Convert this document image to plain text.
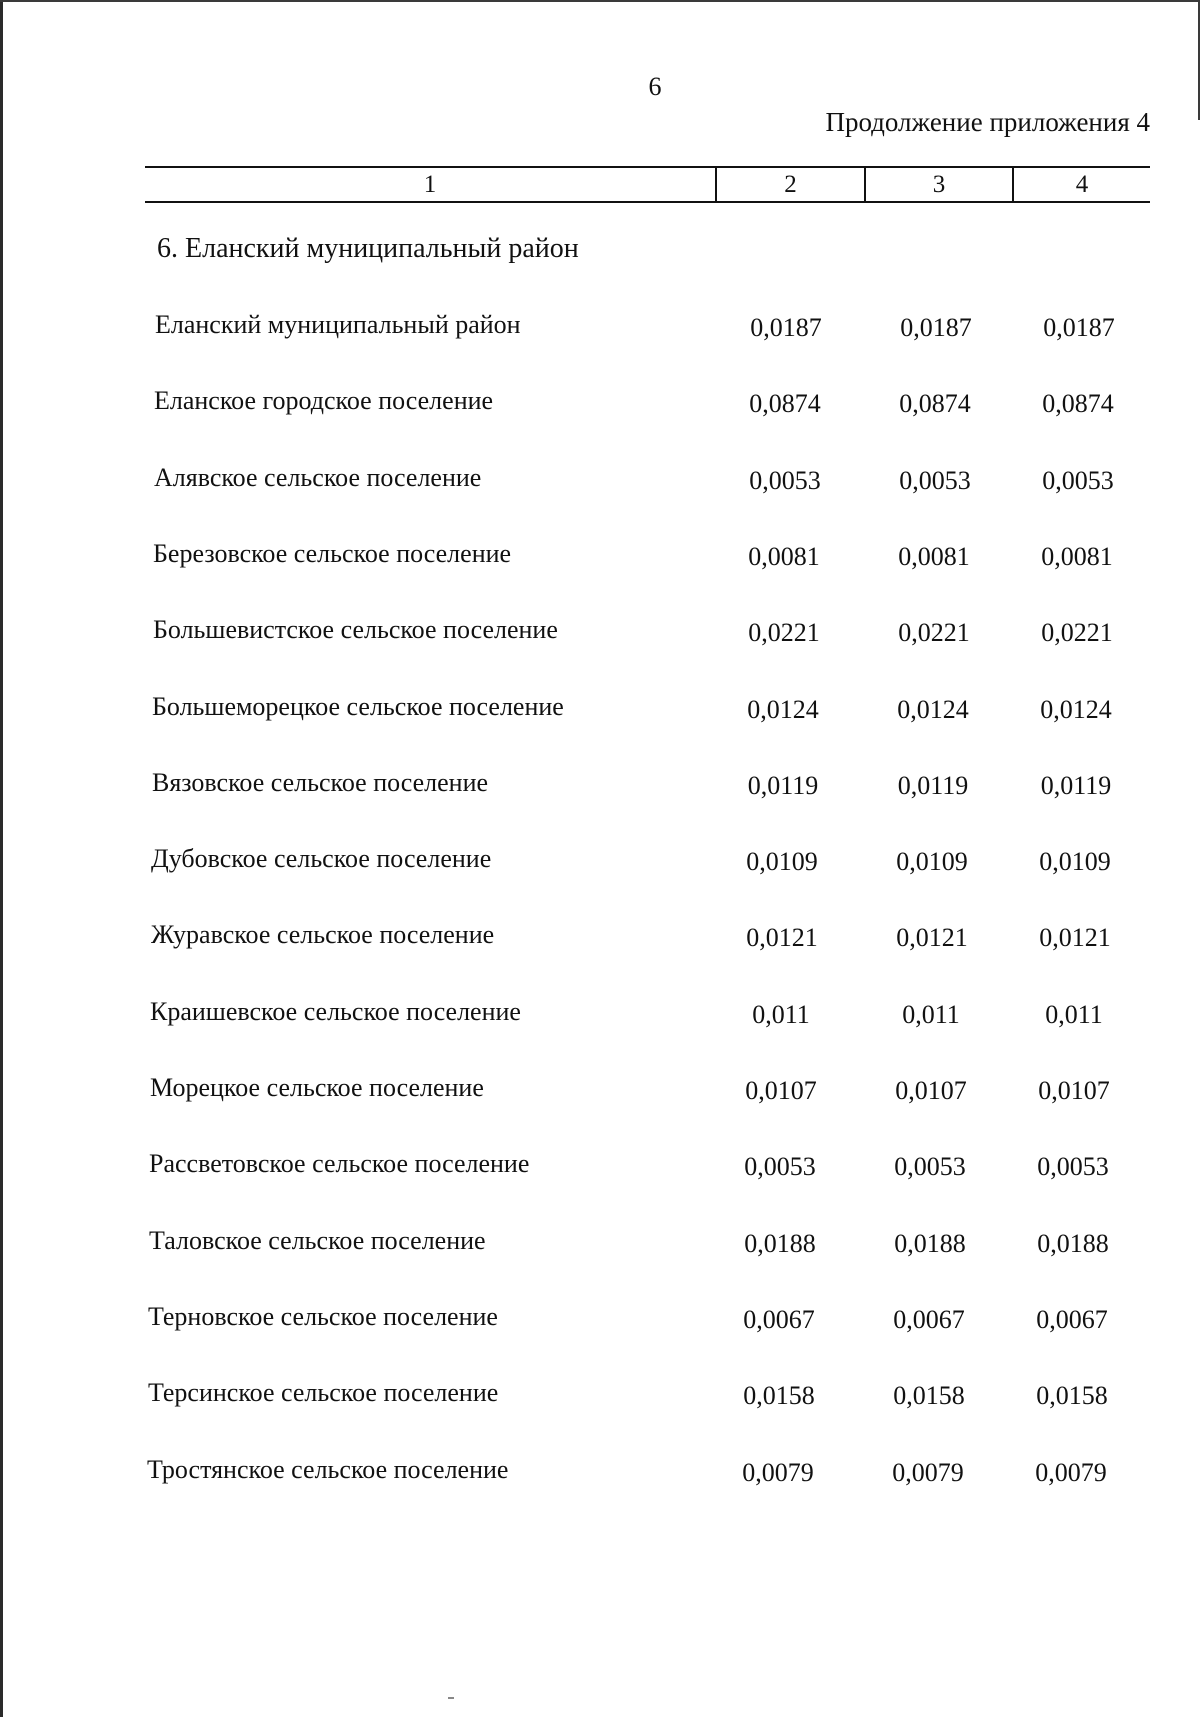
6
Продолжение приложения 4
1	2	3	4
6. Еланский муниципальный район
Еланский муниципальный район	0,0187	0,0187	0,0187
Еланское городское поселение	0,0874	0,0874	0,0874
Алявское сельское поселение	0,0053	0,0053	0,0053
Березовское сельское поселение	0,0081	0,0081	0,0081
Большевистское сельское поселение	0,0221	0,0221	0,0221
Большеморецкое сельское поселение	0,0124	0,0124	0,0124
Вязовское сельское поселение	0,0119	0,0119	0,0119
Дубовское сельское поселение	0,0109	0,0109	0,0109
Журавское сельское поселение	0,0121	0,0121	0,0121
Краишевское сельское поселение	0,011	0,011	0,011
Морецкое сельское поселение	0,0107	0,0107	0,0107
Рассветовское сельское поселение	0,0053	0,0053	0,0053
Таловское сельское поселение	0,0188	0,0188	0,0188
Терновское сельское поселение	0,0067	0,0067	0,0067
Терсинское сельское поселение	0,0158	0,0158	0,0158
Тростянское сельское поселение	0,0079	0,0079	0,0079
